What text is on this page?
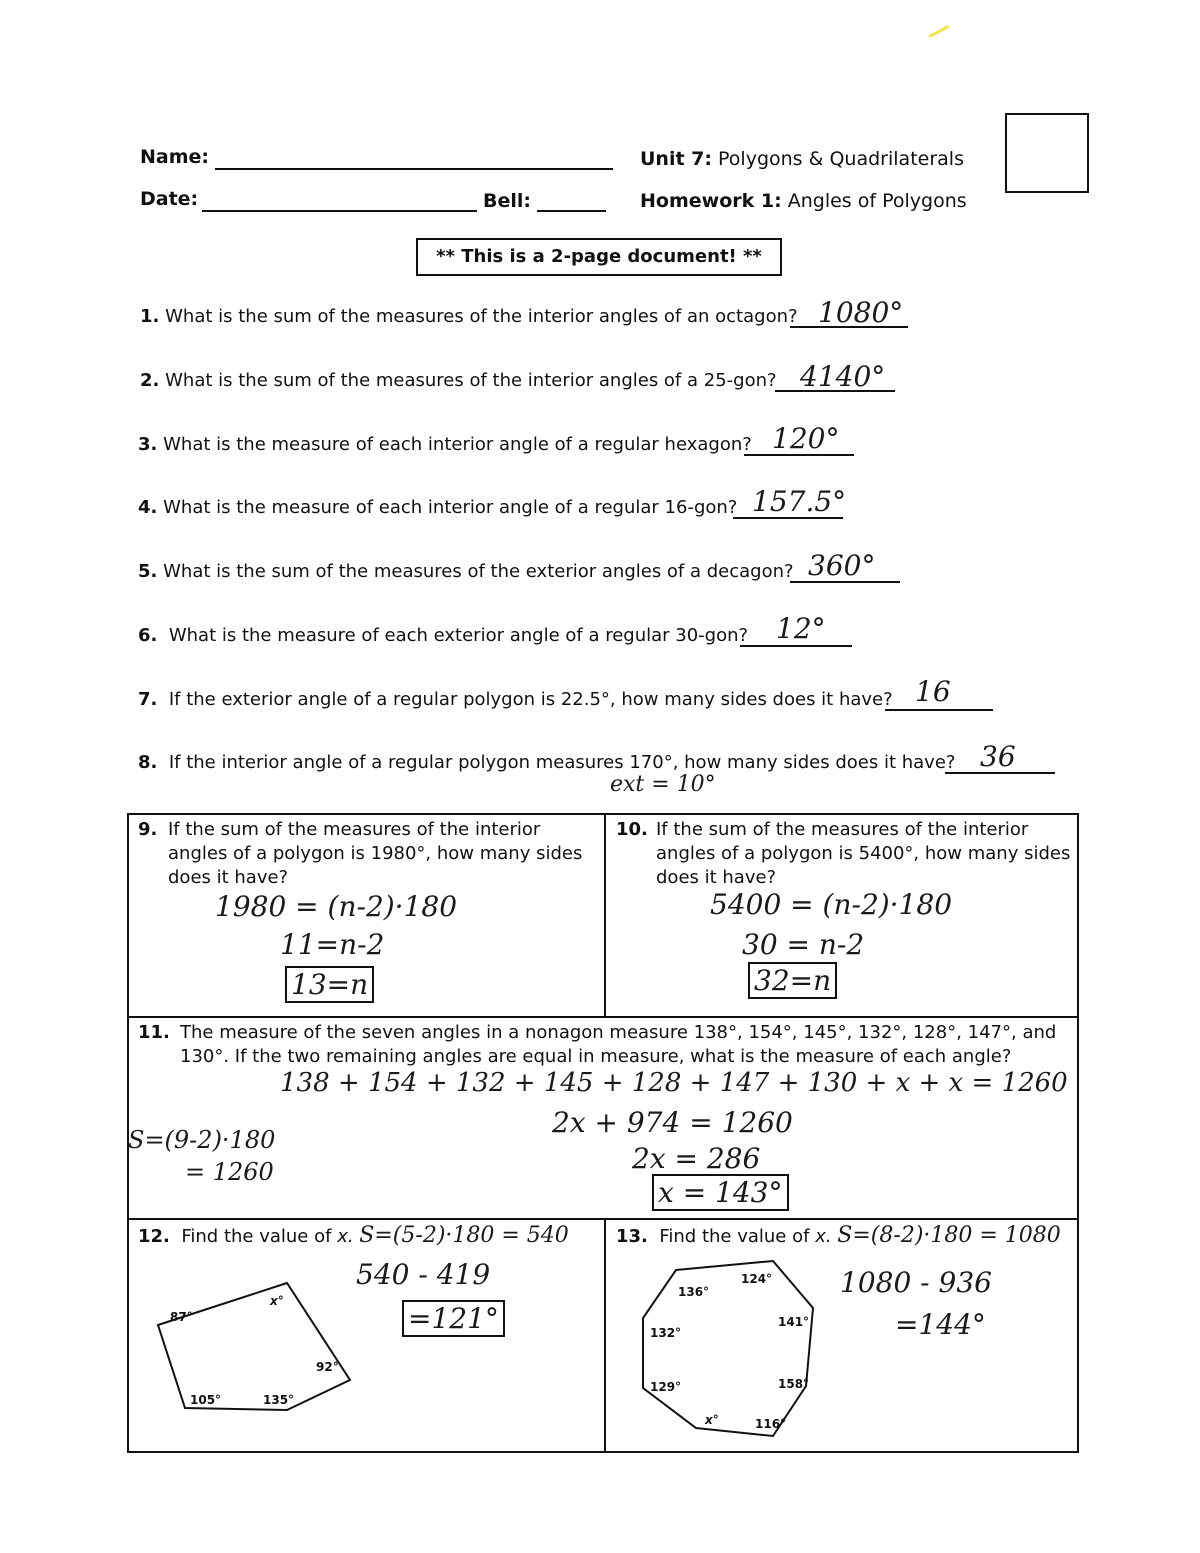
Name:
Date:	Bell:
Unit 7: Polygons & Quadrilaterals
Homework 1: Angles of Polygons
** This is a 2-page document! **
1. What is the sum of the measures of the interior angles of an octagon? 1080°
2. What is the sum of the measures of the interior angles of a 25-gon? 4140°
3. What is the measure of each interior angle of a regular hexagon? 120°
4. What is the measure of each interior angle of a regular 16-gon? 157.5°
5. What is the sum of the measures of the exterior angles of a decagon? 360°
6. What is the measure of each exterior angle of a regular 30-gon? 12°
7. If the exterior angle of a regular polygon is 22.5°, how many sides does it have? 16
8. If the interior angle of a regular polygon measures 170°, how many sides does it have? 36
ext = 10°
9. If the sum of the measures of the interior angles of a polygon is 1980°, how many sides does it have?
1980 = (n-2)·180
11=n-2
13=n
10. If the sum of the measures of the interior angles of a polygon is 5400°, how many sides does it have?
5400 = (n-2)·180
30 = n-2
32=n
11. The measure of the seven angles in a nonagon measure 138°, 154°, 145°, 132°, 128°, 147°, and 130°. If the two remaining angles are equal in measure, what is the measure of each angle?
138 + 154 + 132 + 145 + 128 + 147 + 130 + x + x = 1260
2x + 974 = 1260
2x = 286
x = 143°
S=(9-2)·180
= 1260
12. Find the value of x. S=(5-2)·180 = 540
540 - 419
=121°
87°
x°
92°
135°
105°
13. Find the value of x. S=(8-2)·180 = 1080
1080 - 936
=144°
136°
124°
141°
158°
116°
x°
129°
132°
